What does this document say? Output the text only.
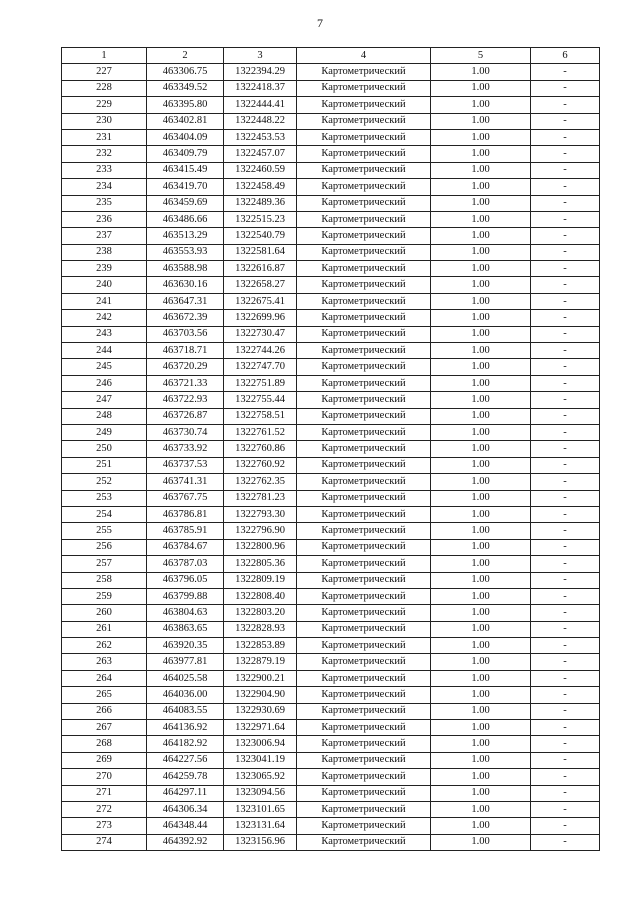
7
1	2	3	4	5	6
227	463306.75	1322394.29	Картометрический	1.00	-
228	463349.52	1322418.37	Картометрический	1.00	-
229	463395.80	1322444.41	Картометрический	1.00	-
230	463402.81	1322448.22	Картометрический	1.00	-
231	463404.09	1322453.53	Картометрический	1.00	-
232	463409.79	1322457.07	Картометрический	1.00	-
233	463415.49	1322460.59	Картометрический	1.00	-
234	463419.70	1322458.49	Картометрический	1.00	-
235	463459.69	1322489.36	Картометрический	1.00	-
236	463486.66	1322515.23	Картометрический	1.00	-
237	463513.29	1322540.79	Картометрический	1.00	-
238	463553.93	1322581.64	Картометрический	1.00	-
239	463588.98	1322616.87	Картометрический	1.00	-
240	463630.16	1322658.27	Картометрический	1.00	-
241	463647.31	1322675.41	Картометрический	1.00	-
242	463672.39	1322699.96	Картометрический	1.00	-
243	463703.56	1322730.47	Картометрический	1.00	-
244	463718.71	1322744.26	Картометрический	1.00	-
245	463720.29	1322747.70	Картометрический	1.00	-
246	463721.33	1322751.89	Картометрический	1.00	-
247	463722.93	1322755.44	Картометрический	1.00	-
248	463726.87	1322758.51	Картометрический	1.00	-
249	463730.74	1322761.52	Картометрический	1.00	-
250	463733.92	1322760.86	Картометрический	1.00	-
251	463737.53	1322760.92	Картометрический	1.00	-
252	463741.31	1322762.35	Картометрический	1.00	-
253	463767.75	1322781.23	Картометрический	1.00	-
254	463786.81	1322793.30	Картометрический	1.00	-
255	463785.91	1322796.90	Картометрический	1.00	-
256	463784.67	1322800.96	Картометрический	1.00	-
257	463787.03	1322805.36	Картометрический	1.00	-
258	463796.05	1322809.19	Картометрический	1.00	-
259	463799.88	1322808.40	Картометрический	1.00	-
260	463804.63	1322803.20	Картометрический	1.00	-
261	463863.65	1322828.93	Картометрический	1.00	-
262	463920.35	1322853.89	Картометрический	1.00	-
263	463977.81	1322879.19	Картометрический	1.00	-
264	464025.58	1322900.21	Картометрический	1.00	-
265	464036.00	1322904.90	Картометрический	1.00	-
266	464083.55	1322930.69	Картометрический	1.00	-
267	464136.92	1322971.64	Картометрический	1.00	-
268	464182.92	1323006.94	Картометрический	1.00	-
269	464227.56	1323041.19	Картометрический	1.00	-
270	464259.78	1323065.92	Картометрический	1.00	-
271	464297.11	1323094.56	Картометрический	1.00	-
272	464306.34	1323101.65	Картометрический	1.00	-
273	464348.44	1323131.64	Картометрический	1.00	-
274	464392.92	1323156.96	Картометрический	1.00	-
